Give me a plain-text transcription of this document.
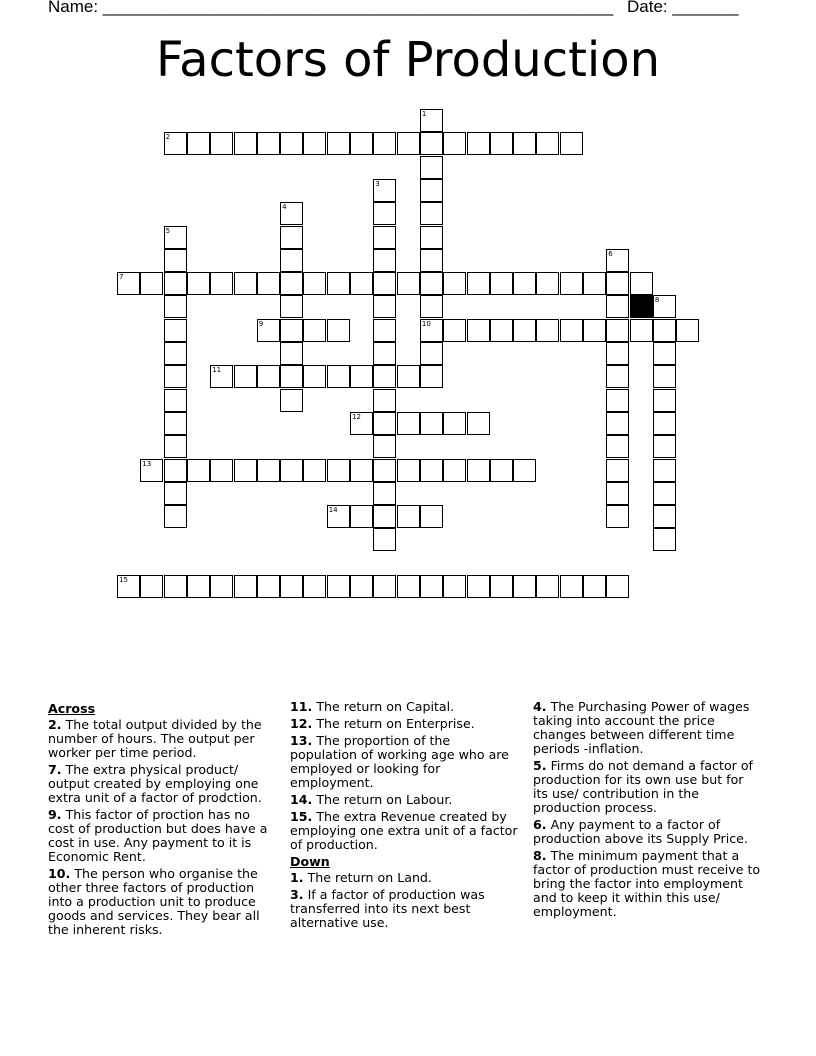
Name: ______________________________________________________

Date: _______

Factors of Production
1
10
2
3
4
5
6
7
8
9
11
12
13
14
15
Across
2. The total output divided by the number of hours. The output per worker per time period.
7. The extra physical product/ output created by employing one extra unit of a factor of prodction.
9. This factor of proction has no cost of production but does have a cost in use. Any payment to it is Economic Rent.
10. The person who organise the other three factors of production into a production unit to produce goods and services. They bear all the inherent risks.
11. The return on Capital.
12. The return on Enterprise.
13. The proportion of the population of working age who are employed or looking for employment.
14. The return on Labour.
15. The extra Revenue created by employing one extra unit of a factor of production.
Down
1. The return on Land.
3. If a factor of production was transferred into its next best alternative use.
4. The Purchasing Power of wages taking into account the price changes between different time periods -inflation.
5. Firms do not demand a factor of production for its own use but for its use/ contribution in the production process.
6. Any payment to a factor of production above its Supply Price.
8. The minimum payment that a factor of production must receive to bring the factor into employment and to keep it within this use/ employment.
